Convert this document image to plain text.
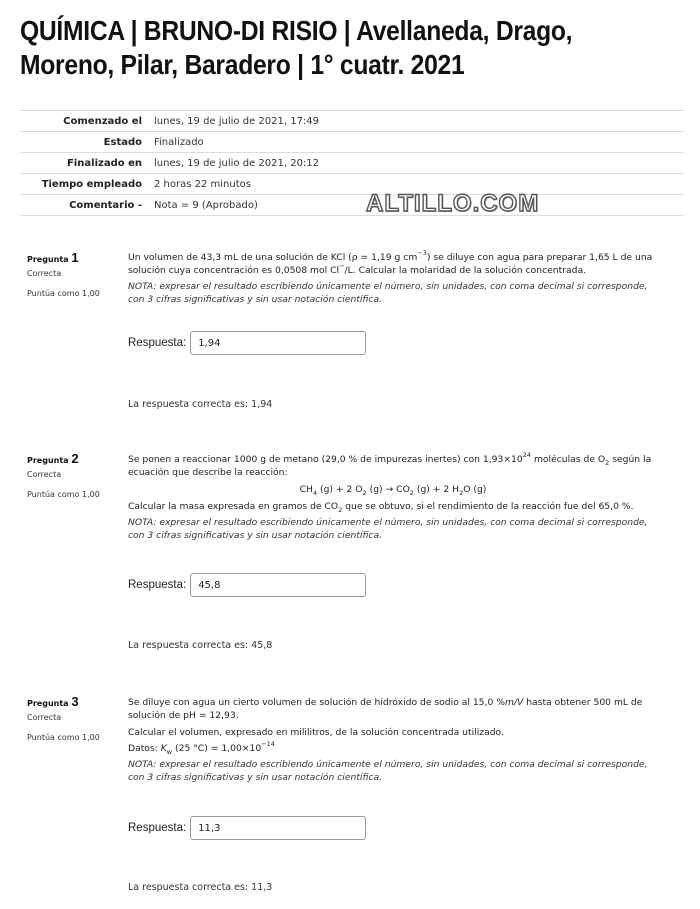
QUÍMICA | BRUNO-DI RISIO | Avellaneda, Drago, Moreno, Pilar, Baradero | 1° cuatr. 2021
Comenzado el	lunes, 19 de julio de 2021, 17:49
Estado	Finalizado
Finalizado en	lunes, 19 de julio de 2021, 20:12
Tiempo empleado	2 horas 22 minutos
Comentario -	Nota = 9 (Aprobado)	ALTILLO.COM
Pregunta 1
Correcta
Puntúa como 1,00

Un volumen de 43,3 mL de una solución de KCl (ρ = 1,19 g $cm^{-3}$) se diluye con agua para preparar 1,65 L de una solución cuya concentración es 0,0508 mol Cl−/L. Calcular la molaridad de la solución concentrada.

NOTA: expresar el resultado escribiendo únicamente el número, sin unidades, con coma decimal si corresponde, con 3 cifras significativas y sin usar notación científica.

Respuesta:	1,94
La respuesta correcta es: 1,94
Pregunta 2
Correcta
Puntúa como 1,00

Se ponen a reaccionar 1000 g de metano (29,0 % de impurezas inertes) con $1,93\times 10^{24}$ moléculas de $O_2$ según la ecuación que describe la reacción:

$CH_4$ (g) + 2 $O_2$ $(g) \to CO_2$ (g) + 2 $H_2O$ (g)

Calcular la masa expresada en gramos de $CO_2$ que se obtuvo, si el rendimiento de la reacción fue del 65,0 %.

NOTA: expresar el resultado escribiendo únicamente el número, sin unidades, con coma decimal si corresponde, con 3 cifras significativas y sin usar notación científica.

Respuesta:	45,8
La respuesta correcta es: 45,8
Pregunta 3
Correcta
Puntúa como 1,00

Se diluye con agua un cierto volumen de solución de hidróxido de sodio al 15,0 %m/V hasta obtener 500 mL de solución de pH = 12,93.

Calcular el volumen, expresado en mililitros, de la solución concentrada utilizado.

Datos: $K_w$ (25 $^\circ C) = 1,00\times 10^{-14}$

NOTA: expresar el resultado escribiendo únicamente el número, sin unidades, con coma decimal si corresponde, con 3 cifras significativas y sin usar notación científica.

Respuesta:	11,3
La respuesta correcta es: 11,3
